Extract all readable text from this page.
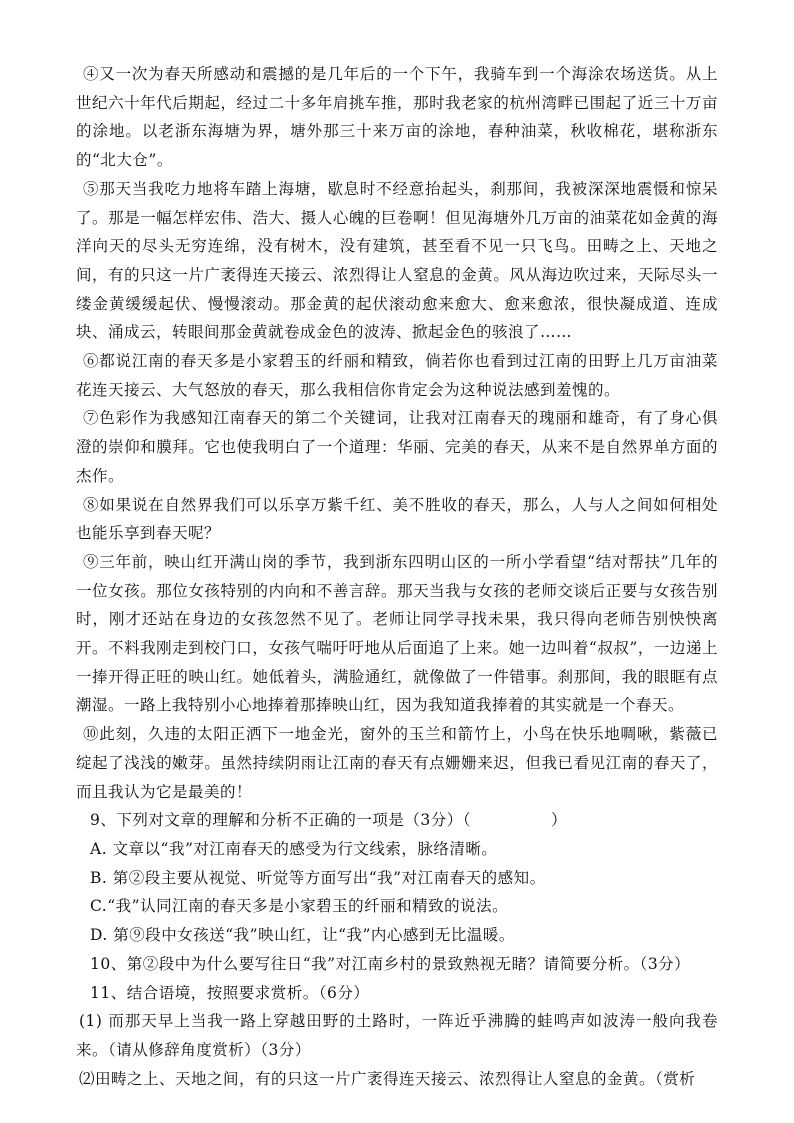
④又一次为春天所感动和震撼的是几年后的一个下午，我骑车到一个海涂农场送货。从上世纪六十年代后期起，经过二十多年肩挑车推，那时我老家的杭州湾畔已围起了近三十万亩的涂地。以老浙东海塘为界，塘外那三十来万亩的涂地，春种油菜，秋收棉花，堪称浙东的“北大仓”。

⑤那天当我吃力地将车踏上海塘，歇息时不经意抬起头，刹那间，我被深深地震慑和惊呆了。那是一幅怎样宏伟、浩大、摄人心魄的巨卷啊！但见海塘外几万亩的油菜花如金黄的海洋向天的尽头无穷连绵，没有树木，没有建筑，甚至看不见一只飞鸟。田畴之上、天地之间，有的只这一片广袤得连天接云、浓烈得让人窒息的金黄。风从海边吹过来，天际尽头一缕金黄缓缓起伏、慢慢滚动。那金黄的起伏滚动愈来愈大、愈来愈浓，很快凝成道、连成块、涌成云，转眼间那金黄就卷成金色的波涛、掀起金色的骇浪了……

⑥都说江南的春天多是小家碧玉的纤丽和精致，倘若你也看到过江南的田野上几万亩油菜花连天接云、大气怒放的春天，那么我相信你肯定会为这种说法感到羞愧的。

⑦色彩作为我感知江南春天的第二个关键词，让我对江南春天的瑰丽和雄奇，有了身心俱澄的崇仰和膜拜。它也使我明白了一个道理：华丽、完美的春天，从来不是自然界单方面的杰作。

⑧如果说在自然界我们可以乐享万紫千红、美不胜收的春天，那么，人与人之间如何相处也能乐享到春天呢？

⑨三年前，映山红开满山岗的季节，我到浙东四明山区的一所小学看望“结对帮扶”几年的一位女孩。那位女孩特别的内向和不善言辞。那天当我与女孩的老师交谈后正要与女孩告别时，刚才还站在身边的女孩忽然不见了。老师让同学寻找未果，我只得向老师告别怏怏离开。不料我刚走到校门口，女孩气喘吁吁地从后面追了上来。她一边叫着“叔叔”，一边递上一捧开得正旺的映山红。她低着头，满脸通红，就像做了一件错事。刹那间，我的眼眶有点潮湿。一路上我特别小心地捧着那捧映山红，因为我知道我捧着的其实就是一个春天。

⑩此刻，久违的太阳正洒下一地金光，窗外的玉兰和箭竹上，小鸟在快乐地啁啾，紫薇已绽起了浅浅的嫩芽。虽然持续阴雨让江南的春天有点姗姗来迟，但我已看见江南的春天了，而且我认为它是最美的！

9、下列对文章的理解和分析不正确的一项是（3分）（　　　　　）

A. 文章以“我”对江南春天的感受为行文线索，脉络清晰。

B. 第②段主要从视觉、听觉等方面写出“我”对江南春天的感知。

C.“我”认同江南的春天多是小家碧玉的纤丽和精致的说法。

D. 第⑨段中女孩送“我”映山红，让“我”内心感到无比温暖。

10、第②段中为什么要写往日“我”对江南乡村的景致熟视无睹？请简要分析。（3分）

11、结合语境，按照要求赏析。（6分）

(1) 而那天早上当我一路上穿越田野的土路时，一阵近乎沸腾的蛙鸣声如波涛一般向我卷来。（请从修辞角度赏析）（3分）

⑵田畴之上、天地之间，有的只这一片广袤得连天接云、浓烈得让人窒息的金黄。（赏析
